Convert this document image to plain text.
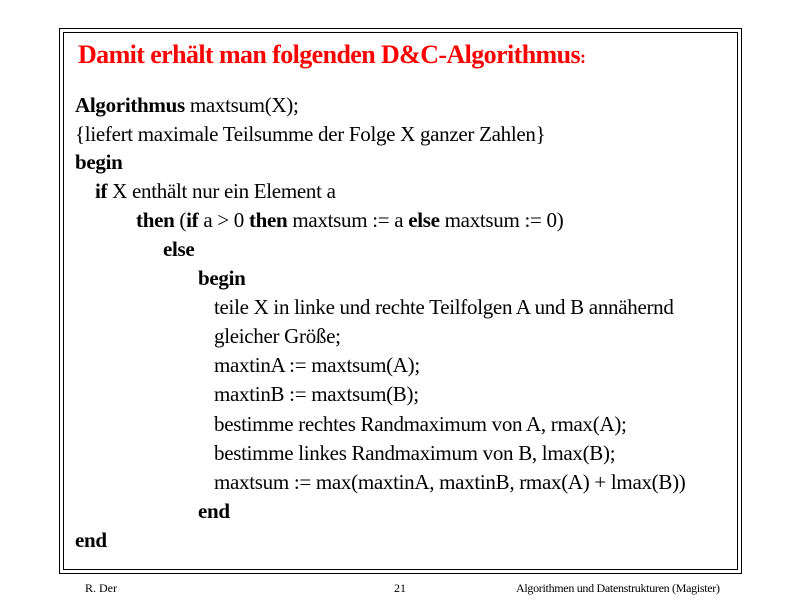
Damit erhält man folgenden D&C-Algorithmus:
Algorithmus maxtsum(X);
{liefert maximale Teilsumme der Folge X ganzer Zahlen}
begin
if X enthält nur ein Element a
then (if a > 0 then maxtsum := a else maxtsum := 0)
else
begin
teile X in linke und rechte Teilfolgen A und B annähernd
gleicher Größe;
maxtinA := maxtsum(A);
maxtinB := maxtsum(B);
bestimme rechtes Randmaximum von A, rmax(A);
bestimme linkes Randmaximum von B, lmax(B);
maxtsum := max(maxtinA, maxtinB, rmax(A) + lmax(B))
end
end
R. Der	21	Algorithmen und Datenstrukturen (Magister)
